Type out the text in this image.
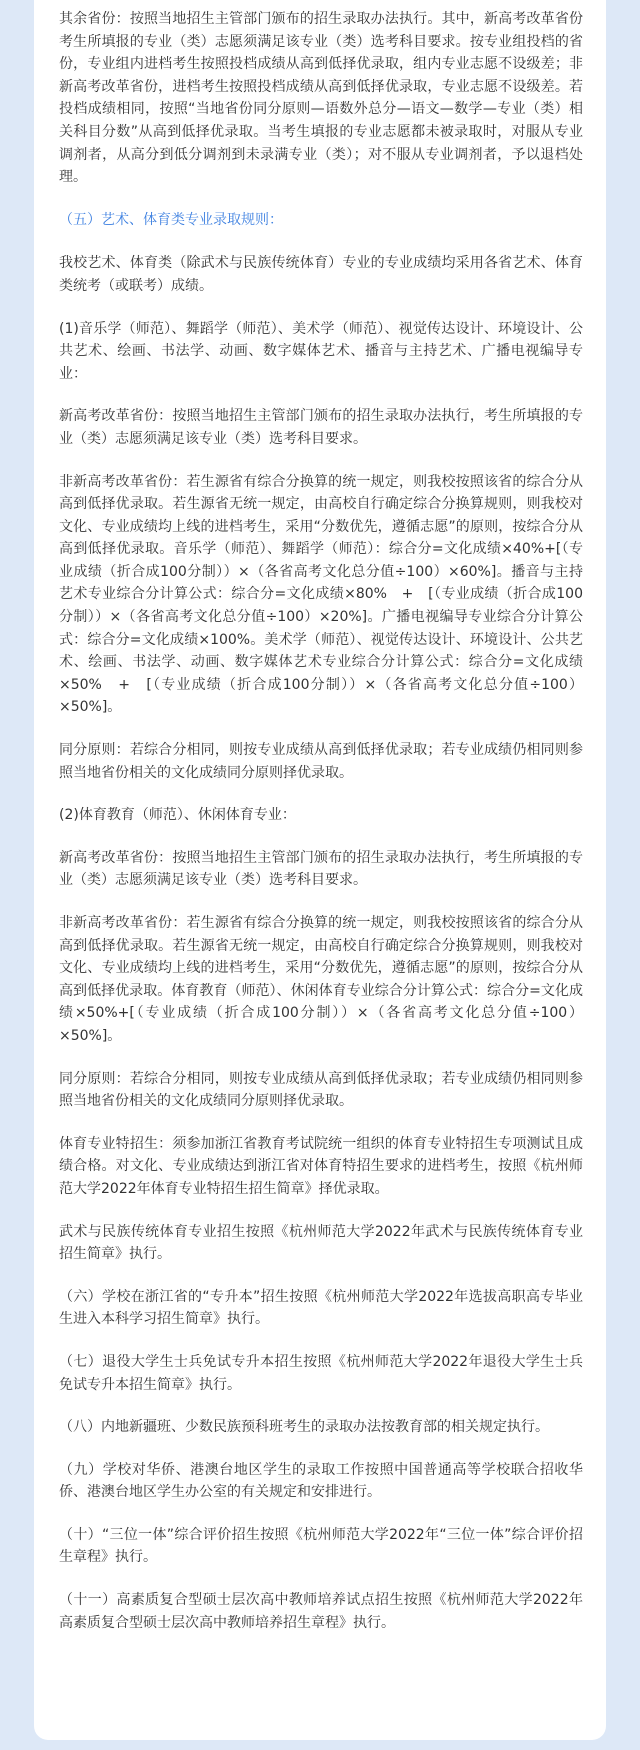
其余省份：按照当地招生主管部门颁布的招生录取办法执行。其中，新高考改革省份考生所填报的专业（类）志愿须满足该专业（类）选考科目要求。按专业组投档的省份，专业组内进档考生按照投档成绩从高到低择优录取，组内专业志愿不设级差；非新高考改革省份，进档考生按照投档成绩从高到低择优录取，专业志愿不设级差。若投档成绩相同，按照“当地省份同分原则—语数外总分—语文—数学—专业（类）相关科目分数”从高到低择优录取。当考生填报的专业志愿都未被录取时，对服从专业调剂者，从高分到低分调剂到未录满专业（类）；对不服从专业调剂者，予以退档处理。

（五）艺术、体育类专业录取规则：

我校艺术、体育类（除武术与民族传统体育）专业的专业成绩均采用各省艺术、体育类统考（或联考）成绩。

(1)音乐学（师范）、舞蹈学（师范）、美术学（师范）、视觉传达设计、环境设计、公共艺术、绘画、书法学、动画、数字媒体艺术、播音与主持艺术、广播电视编导专业：

新高考改革省份：按照当地招生主管部门颁布的招生录取办法执行，考生所填报的专业（类）志愿须满足该专业（类）选考科目要求。

非新高考改革省份：若生源省有综合分换算的统一规定，则我校按照该省的综合分从高到低择优录取。若生源省无统一规定，由高校自行确定综合分换算规则，则我校对文化、专业成绩均上线的进档考生，采用“分数优先，遵循志愿”的原则，按综合分从高到低择优录取。音乐学（师范）、舞蹈学（师范）：综合分=文化成绩×40%+[（专业成绩（折合成100分制））×（各省高考文化总分值÷100）×60%]。播音与主持艺术专业综合分计算公式：综合分=文化成绩×80%　+　[（专业成绩（折合成100分制））×（各省高考文化总分值÷100）×20%]。广播电视编导专业综合分计算公式：综合分=文化成绩×100%。美术学（师范）、视觉传达设计、环境设计、公共艺术、绘画、书法学、动画、数字媒体艺术专业综合分计算公式：综合分=文化成绩×50%　+　[（专业成绩（折合成100分制））×（各省高考文化总分值÷100）×50%]。

同分原则：若综合分相同，则按专业成绩从高到低择优录取；若专业成绩仍相同则参照当地省份相关的文化成绩同分原则择优录取。

(2)体育教育（师范）、休闲体育专业：

新高考改革省份：按照当地招生主管部门颁布的招生录取办法执行，考生所填报的专业（类）志愿须满足该专业（类）选考科目要求。

非新高考改革省份：若生源省有综合分换算的统一规定，则我校按照该省的综合分从高到低择优录取。若生源省无统一规定，由高校自行确定综合分换算规则，则我校对文化、专业成绩均上线的进档考生，采用“分数优先，遵循志愿”的原则，按综合分从高到低择优录取。体育教育（师范）、休闲体育专业综合分计算公式：综合分=文化成绩×50%+[（专业成绩（折合成100分制））×（各省高考文化总分值÷100）×50%]。

同分原则：若综合分相同，则按专业成绩从高到低择优录取；若专业成绩仍相同则参照当地省份相关的文化成绩同分原则择优录取。

体育专业特招生：须参加浙江省教育考试院统一组织的体育专业特招生专项测试且成绩合格。对文化、专业成绩达到浙江省对体育特招生要求的进档考生，按照《杭州师范大学2022年体育专业特招生招生简章》择优录取。

武术与民族传统体育专业招生按照《杭州师范大学2022年武术与民族传统体育专业招生简章》执行。

（六）学校在浙江省的“专升本”招生按照《杭州师范大学2022年选拔高职高专毕业生进入本科学习招生简章》执行。

（七）退役大学生士兵免试专升本招生按照《杭州师范大学2022年退役大学生士兵免试专升本招生简章》执行。

（八）内地新疆班、少数民族预科班考生的录取办法按教育部的相关规定执行。

（九）学校对华侨、港澳台地区学生的录取工作按照中国普通高等学校联合招收华侨、港澳台地区学生办公室的有关规定和安排进行。

（十）“三位一体”综合评价招生按照《杭州师范大学2022年“三位一体”综合评价招生章程》执行。

（十一）高素质复合型硕士层次高中教师培养试点招生按照《杭州师范大学2022年高素质复合型硕士层次高中教师培养招生章程》执行。
